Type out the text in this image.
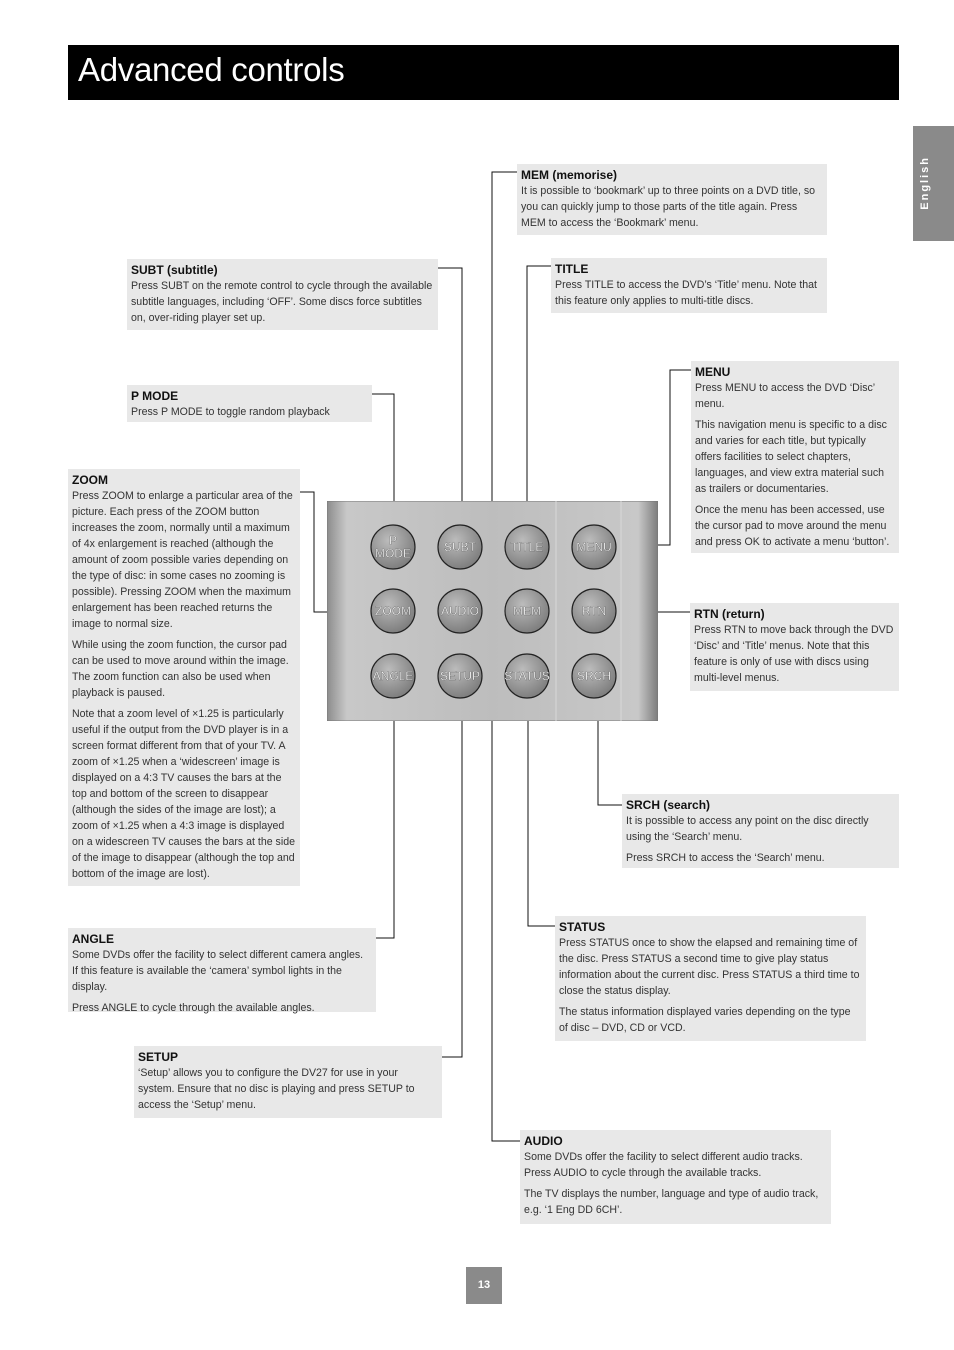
Advanced controls
English
P
MODE	SUBT	TITLE	MENU
ZOOM AUDIO	MEM	RTN
ANGLE SETUP STATUS SRCH
MEM (memorise)

It is possible to ‘bookmark’ up to three points on a DVD title, so you can quickly jump to those parts of the title again. Press MEM to access the ‘Bookmark’ menu.

SUBT (subtitle)

Press SUBT on the remote control to cycle through the available subtitle languages, including ‘OFF’. Some discs force subtitles on, over-riding player set up.

TITLE

Press TITLE to access the DVD’s ‘Title’ menu. Note that this feature only applies to multi-title discs.

P MODE

Press P MODE to toggle random playback

MENU

Press MENU to access the DVD ‘Disc’ menu.

This navigation menu is specific to a disc and varies for each title, but typically offers facilities to select chapters, languages, and view extra material such as trailers or documentaries.

Once the menu has been accessed, use the cursor pad to move around the menu and press OK to activate a menu ‘button’.

ZOOM

Press ZOOM to enlarge a particular area of the picture. Each press of the ZOOM button increases the zoom, normally until a maximum of 4x enlargement is reached (although the amount of zoom possible varies depending on the type of disc: in some cases no zooming is possible). Pressing ZOOM when the maximum enlargement has been reached returns the image to normal size.

While using the zoom function, the cursor pad can be used to move around within the image. The zoom function can also be used when playback is paused.

Note that a zoom level of ×1.25 is particularly useful if the output from the DVD player is in a screen format different from that of your TV. A zoom of ×1.25 when a ‘widescreen’ image is displayed on a 4:3 TV causes the bars at the top and bottom of the screen to disappear (although the sides of the image are lost); a zoom of ×1.25 when a 4:3 image is displayed on a widescreen TV causes the bars at the side of the image to disappear (although the top and bottom of the image are lost).

RTN (return)

Press RTN to move back through the DVD ‘Disc’ and ‘Title’ menus. Note that this feature is only of use with discs using multi-level menus.

SRCH (search)

It is possible to access any point on the disc directly using the ‘Search’ menu.

Press SRCH to access the ‘Search’ menu.

STATUS

Press STATUS once to show the elapsed and remaining time of the disc. Press STATUS a second time to give play status information about the current disc. Press STATUS a third time to close the status display.

The status information displayed varies depending on the type of disc – DVD, CD or VCD.

ANGLE

Some DVDs offer the facility to select different camera angles. If this feature is available the ‘camera’ symbol lights in the display.

Press ANGLE to cycle through the available angles.

SETUP

‘Setup’ allows you to configure the DV27 for use in your system. Ensure that no disc is playing and press SETUP to access the ‘Setup’ menu.

AUDIO

Some DVDs offer the facility to select different audio tracks. Press AUDIO to cycle through the available tracks.

The TV displays the number, language and type of audio track, e.g. ‘1 Eng DD 6CH’.

13
